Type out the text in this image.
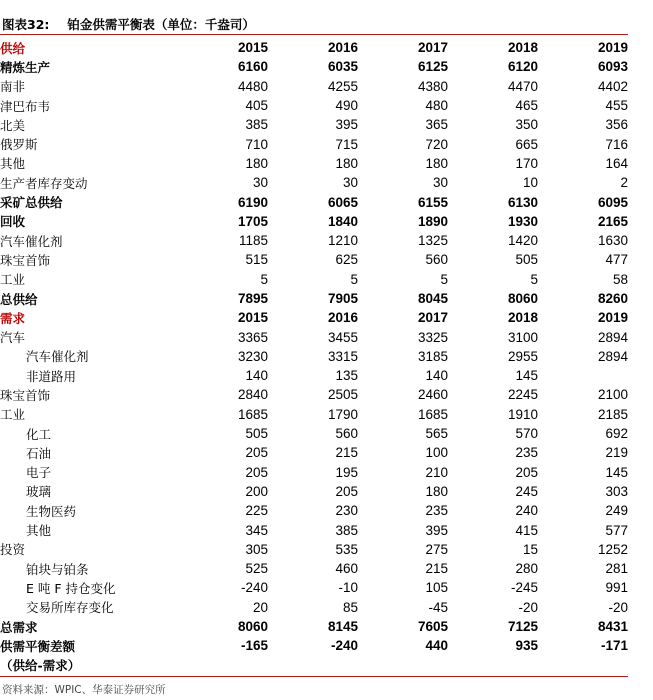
图表32: 铂金供需平衡表（单位：千盎司）
供给	2015	2016	2017	2018	2019
精炼生产	6160	6035	6125	6120	6093
南非	4480	4255	4380	4470	4402
津巴布韦	405	490	480	465	455
北美	385	395	365	350	356
俄罗斯	710	715	720	665	716
其他	180	180	180	170	164
生产者库存变动	30	30	30	10	2
采矿总供给	6190	6065	6155	6130	6095
回收	1705	1840	1890	1930	2165
汽车催化剂	1185	1210	1325	1420	1630
珠宝首饰	515	625	560	505	477
工业	5	5	5	5	58
总供给	7895	7905	8045	8060	8260
需求	2015	2016	2017	2018	2019
汽车	3365	3455	3325	3100	2894
汽车催化剂	3230	3315	3185	2955	2894
非道路用	140	135	140	145	
珠宝首饰	2840	2505	2460	2245	2100
工业	1685	1790	1685	1910	2185
化工	505	560	565	570	692
石油	205	215	100	235	219
电子	205	195	210	205	145
玻璃	200	205	180	245	303
生物医药	225	230	235	240	249
其他	345	385	395	415	577
投资	305	535	275	15	1252
铂块与铂条	525	460	215	280	281
E 吨 F 持仓变化	-240	-10	105	-245	991
交易所库存变化	20	85	-45	-20	-20
总需求	8060	8145	7605	7125	8431
供需平衡差额	-165	-240	440	935	-171
（供给-需求）					
资料来源：WPIC、华泰证券研究所
